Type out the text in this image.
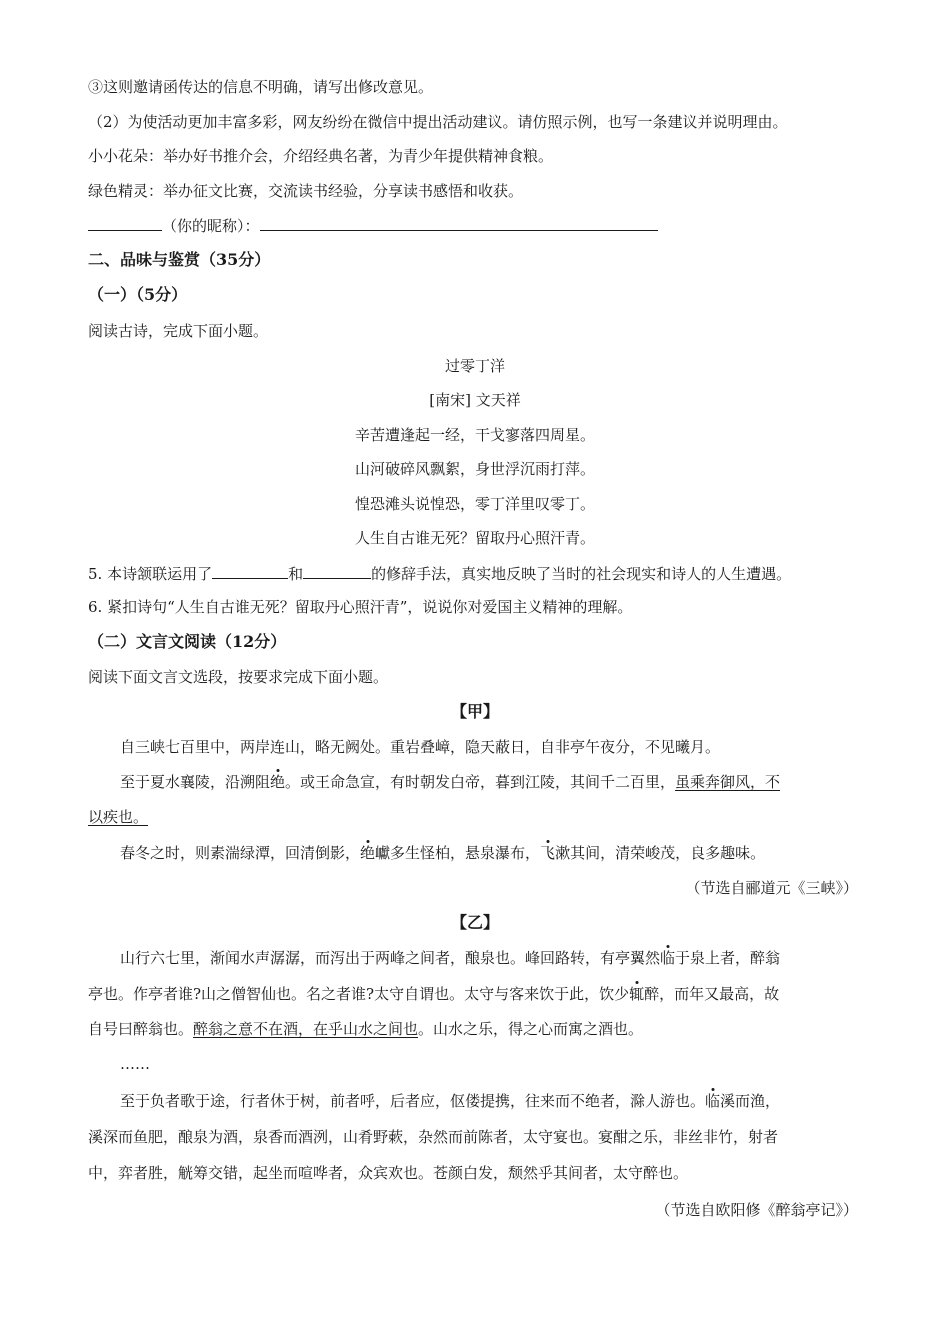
③这则邀请函传达的信息不明确，请写出修改意见。
（2）为使活动更加丰富多彩，网友纷纷在微信中提出活动建议。请仿照示例，也写一条建议并说明理由。
小小花朵：举办好书推介会，介绍经典名著，为青少年提供精神食粮。
绿色精灵：举办征文比赛，交流读书经验，分享读书感悟和收获。
（你的昵称）：
二、品味与鉴赏（35分）
（一）（5分）
阅读古诗，完成下面小题。
过零丁洋
[南宋] 文天祥
辛苦遭逢起一经，干戈寥落四周星。
山河破碎风飘絮，身世浮沉雨打萍。
惶恐滩头说惶恐，零丁洋里叹零丁。
人生自古谁无死？留取丹心照汗青。
5. 本诗颔联运用了	和	的修辞手法，真实地反映了当时的社会现实和诗人的人生遭遇。
6. 紧扣诗句“人生自古谁无死？留取丹心照汗青”，说说你对爱国主义精神的理解。
（二）文言文阅读（12分）
阅读下面文言文选段，按要求完成下面小题。
【甲】
自三峡七百里中，两岸连山，略无阙处。重岩叠嶂，隐天蔽日，自非亭午夜分，不见曦月。
至于夏水襄陵，沿溯阻绝。或王命急宣，有时朝发白帝，暮到江陵，其间千二百里，虽乘奔御风，不
以疾也。
春冬之时，则素湍绿潭，回清倒影，绝巘多生怪柏，悬泉瀑布，飞漱其间，清荣峻茂，良多趣味。
（节选自郦道元《三峡》）
【乙】
山行六七里，渐闻水声潺潺，而泻出于两峰之间者，酿泉也。峰回路转，有亭翼然临于泉上者，醉翁
亭也。作亭者谁?山之僧智仙也。名之者谁?太守自谓也。太守与客来饮于此，饮少辄醉，而年又最高，故
自号曰醉翁也。醉翁之意不在酒，在乎山水之间也。山水之乐，得之心而寓之酒也。
……
至于负者歌于途，行者休于树，前者呼，后者应，伛偻提携，往来而不绝者，滁人游也。临溪而渔，
溪深而鱼肥，酿泉为酒，泉香而酒洌，山肴野蔌，杂然而前陈者，太守宴也。宴酣之乐，非丝非竹，射者
中，弈者胜，觥筹交错，起坐而喧哗者，众宾欢也。苍颜白发，颓然乎其间者，太守醉也。
（节选自欧阳修《醉翁亭记》）
